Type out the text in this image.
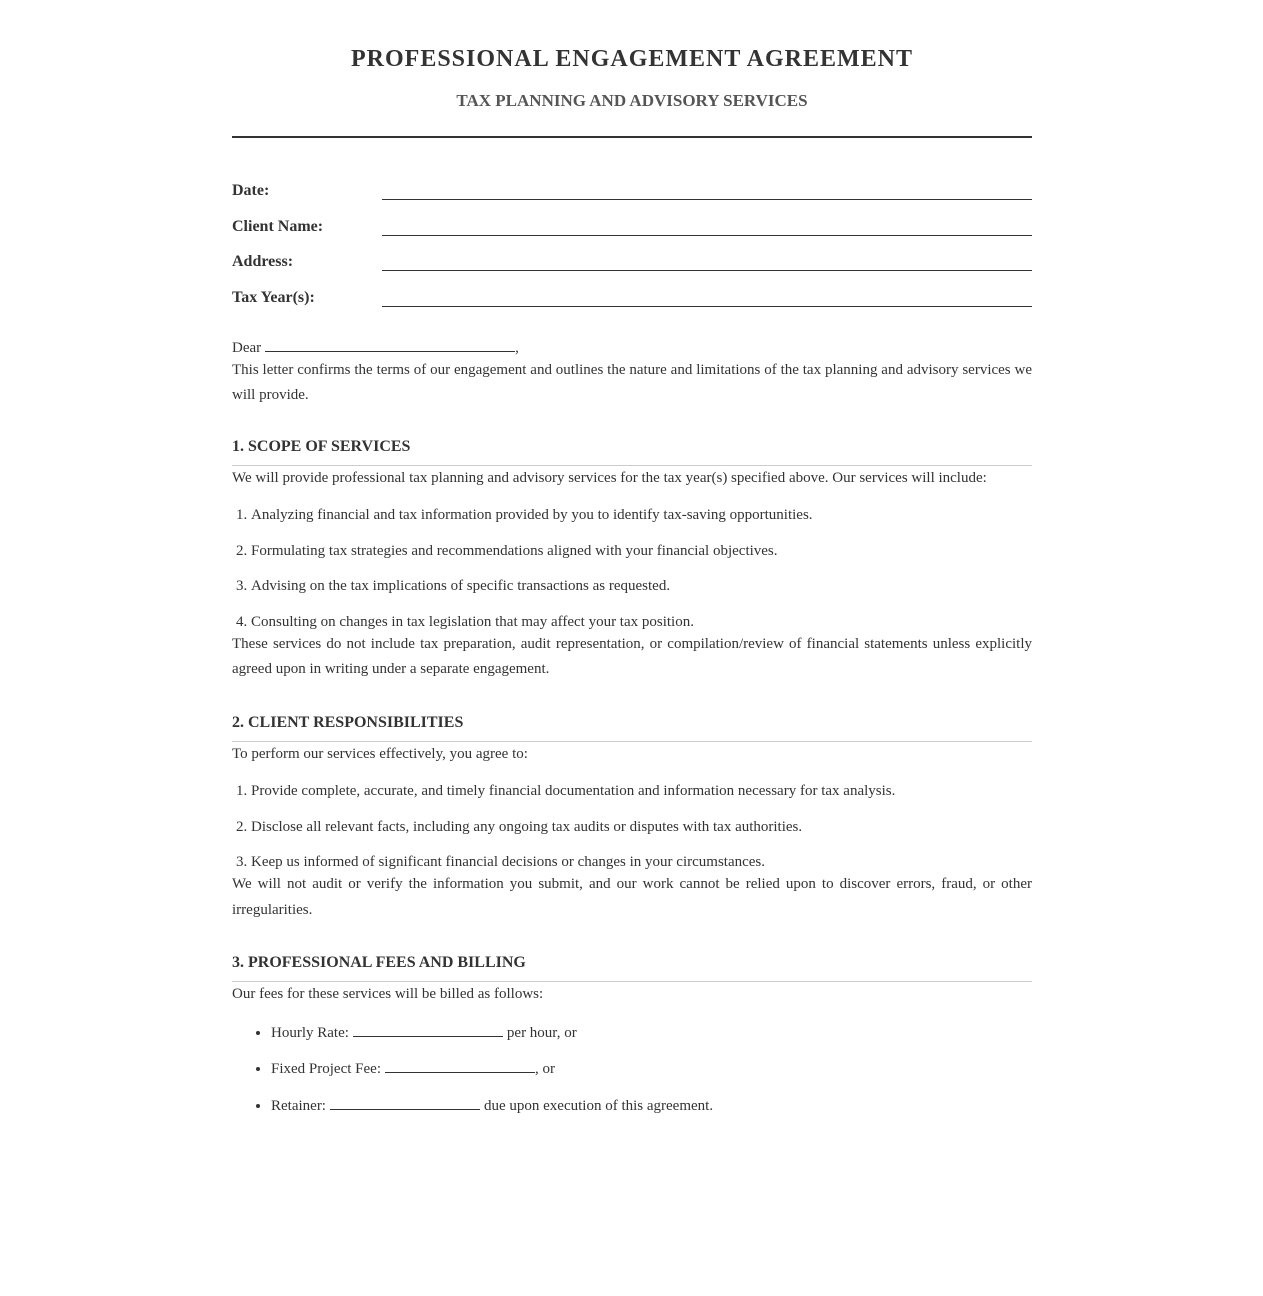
PROFESSIONAL ENGAGEMENT AGREEMENT
TAX PLANNING AND ADVISORY SERVICES
Date:
Client Name:
Address:
Tax Year(s):
Dear	,

This letter confirms the terms of our engagement and outlines the nature and limitations of the tax planning and advisory services we will provide.

1. SCOPE OF SERVICES

We will provide professional tax planning and advisory services for the tax year(s) specified above. Our services will include:

1. Analyzing financial and tax information provided by you to identify tax-saving opportunities.
2. Formulating tax strategies and recommendations aligned with your financial objectives.
3. Advising on the tax implications of specific transactions as requested.
4. Consulting on changes in tax legislation that may affect your tax position.

These services do not include tax preparation, audit representation, or compilation/review of financial statements unless explicitly agreed upon in writing under a separate engagement.

2. CLIENT RESPONSIBILITIES

To perform our services effectively, you agree to:

1. Provide complete, accurate, and timely financial documentation and information necessary for tax analysis.
2. Disclose all relevant facts, including any ongoing tax audits or disputes with tax authorities.
3. Keep us informed of significant financial decisions or changes in your circumstances.

We will not audit or verify the information you submit, and our work cannot be relied upon to discover errors, fraud, or other irregularities.

3. PROFESSIONAL FEES AND BILLING

Our fees for these services will be billed as follows:

• Hourly Rate:	per hour, or
• Fixed Project Fee:	, or
• Retainer:	due upon execution of this agreement.
